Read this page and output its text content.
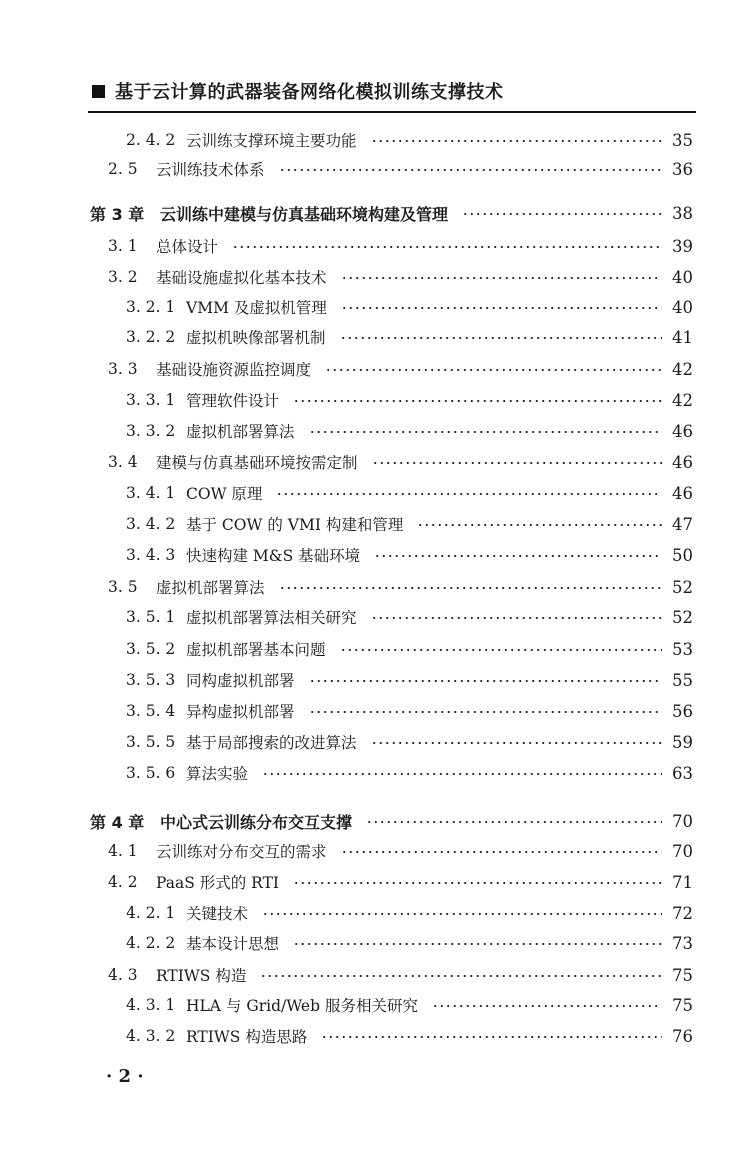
基于云计算的武器装备网络化模拟训练支撑技术
2. 4. 2 云训练支撑环境主要功能	35
2. 5 云训练技术体系	36
第 3 章 云训练中建模与仿真基础环境构建及管理	38
3. 1 总体设计	39
3. 2 基础设施虚拟化基本技术	40
3. 2. 1 VMM 及虚拟机管理	40
3. 2. 2 虚拟机映像部署机制	41
3. 3 基础设施资源监控调度	42
3. 3. 1 管理软件设计	42
3. 3. 2 虚拟机部署算法	46
3. 4 建模与仿真基础环境按需定制	46
3. 4. 1 COW 原理	46
3. 4. 2 基于 COW 的 VMI 构建和管理	47
3. 4. 3 快速构建 M&S 基础环境	50
3. 5 虚拟机部署算法	52
3. 5. 1 虚拟机部署算法相关研究	52
3. 5. 2 虚拟机部署基本问题	53
3. 5. 3 同构虚拟机部署	55
3. 5. 4 异构虚拟机部署	56
3. 5. 5 基于局部搜索的改进算法	59
3. 5. 6 算法实验	63
第 4 章 中心式云训练分布交互支撑	70
4. 1 云训练对分布交互的需求	70
4. 2 PaaS 形式的 RTI	71
4. 2. 1 关键技术	72
4. 2. 2 基本设计思想	73
4. 3 RTIWS 构造	75
4. 3. 1 HLA 与 Grid/Web 服务相关研究	75
4. 3. 2 RTIWS 构造思路	76
· 2 ·
